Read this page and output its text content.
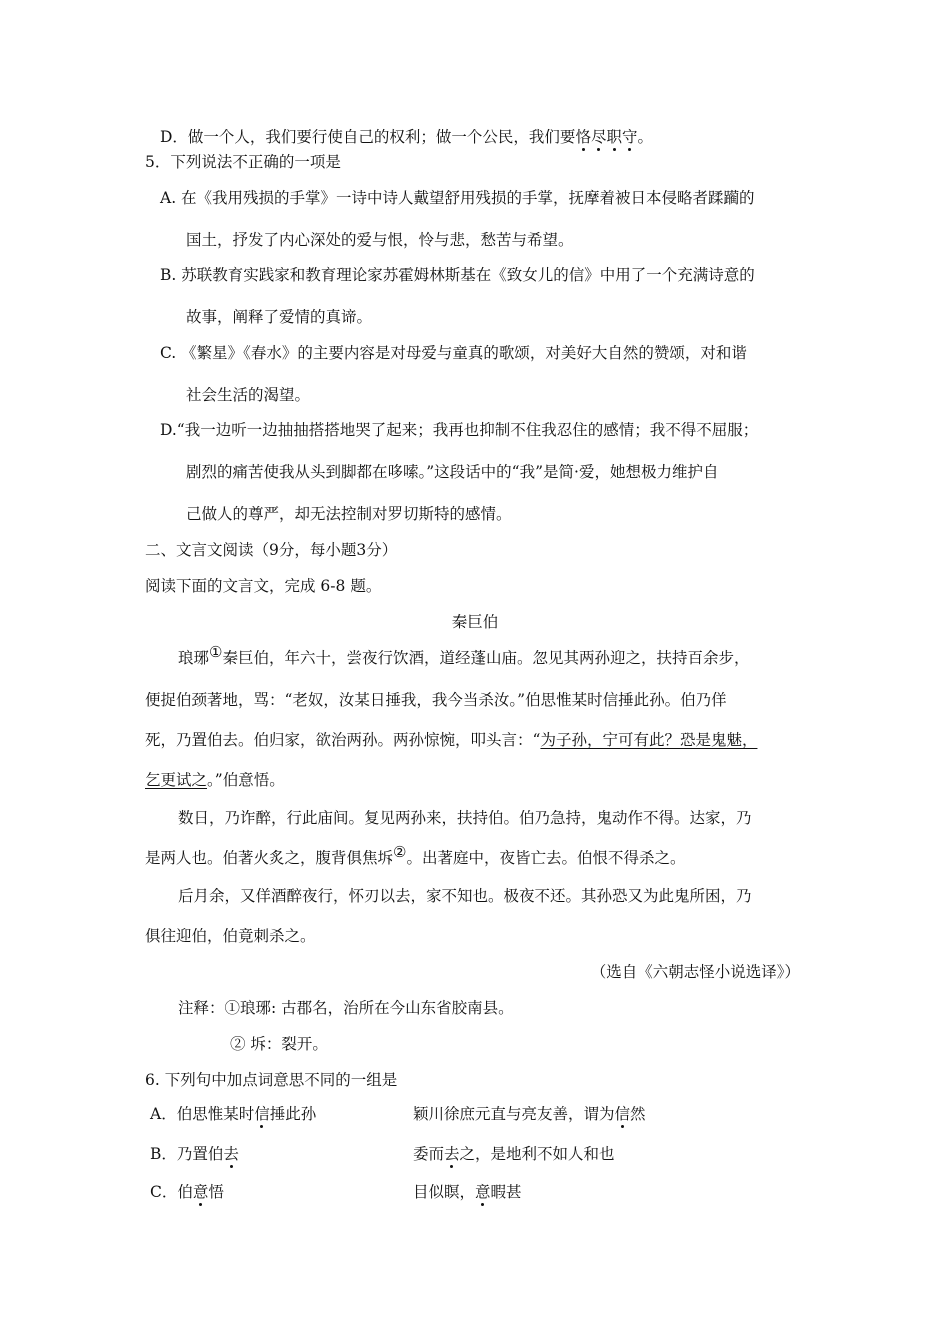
D．做一个人，我们要行使自己的权利；做一个公民，我们要恪尽职守。
5．下列说法不正确的一项是
A. 在《我用残损的手掌》一诗中诗人戴望舒用残损的手掌，抚摩着被日本侵略者蹂躏的
国土，抒发了内心深处的爱与恨，怜与悲，愁苦与希望。
B. 苏联教育实践家和教育理论家苏霍姆林斯基在《致女儿的信》中用了一个充满诗意的
故事，阐释了爱情的真谛。
C. 《繁星》《春水》的主要内容是对母爱与童真的歌颂，对美好大自然的赞颂，对和谐
社会生活的渴望。
D.“我一边听一边抽抽搭搭地哭了起来；我再也抑制不住我忍住的感情；我不得不屈服；
剧烈的痛苦使我从头到脚都在哆嗦。”这段话中的“我”是简·爱，她想极力维护自
己做人的尊严，却无法控制对罗切斯特的感情。
二、文言文阅读（9分，每小题3分）
阅读下面的文言文，完成 6-8 题。
秦巨伯
琅琊①秦巨伯，年六十，尝夜行饮酒，道经蓬山庙。忽见其两孙迎之，扶持百余步，
便捉伯颈著地，骂：“老奴，汝某日捶我，我今当杀汝。”伯思惟某时信捶此孙。伯乃佯
死，乃置伯去。伯归家，欲治两孙。两孙惊惋，叩头言：“为子孙，宁可有此？恐是鬼魅，
乞更试之。”伯意悟。
数日，乃诈醉，行此庙间。复见两孙来，扶持伯。伯乃急持，鬼动作不得。达家，乃
是两人也。伯著火炙之，腹背俱焦坼②。出著庭中，夜皆亡去。伯恨不得杀之。
后月余，又佯酒醉夜行，怀刃以去，家不知也。极夜不还。其孙恐又为此鬼所困，乃
俱往迎伯，伯竟刺杀之。
（选自《六朝志怪小说选译》）
注释：①琅琊: 古郡名，治所在今山东省胶南县。
② 坼：裂开。
6. 下列句中加点词意思不同的一组是
A．伯思惟某时信捶此孙	颖川徐庶元直与亮友善，谓为信然
B．乃置伯去	委而去之，是地利不如人和也
C．伯意悟	目似瞑，意暇甚
